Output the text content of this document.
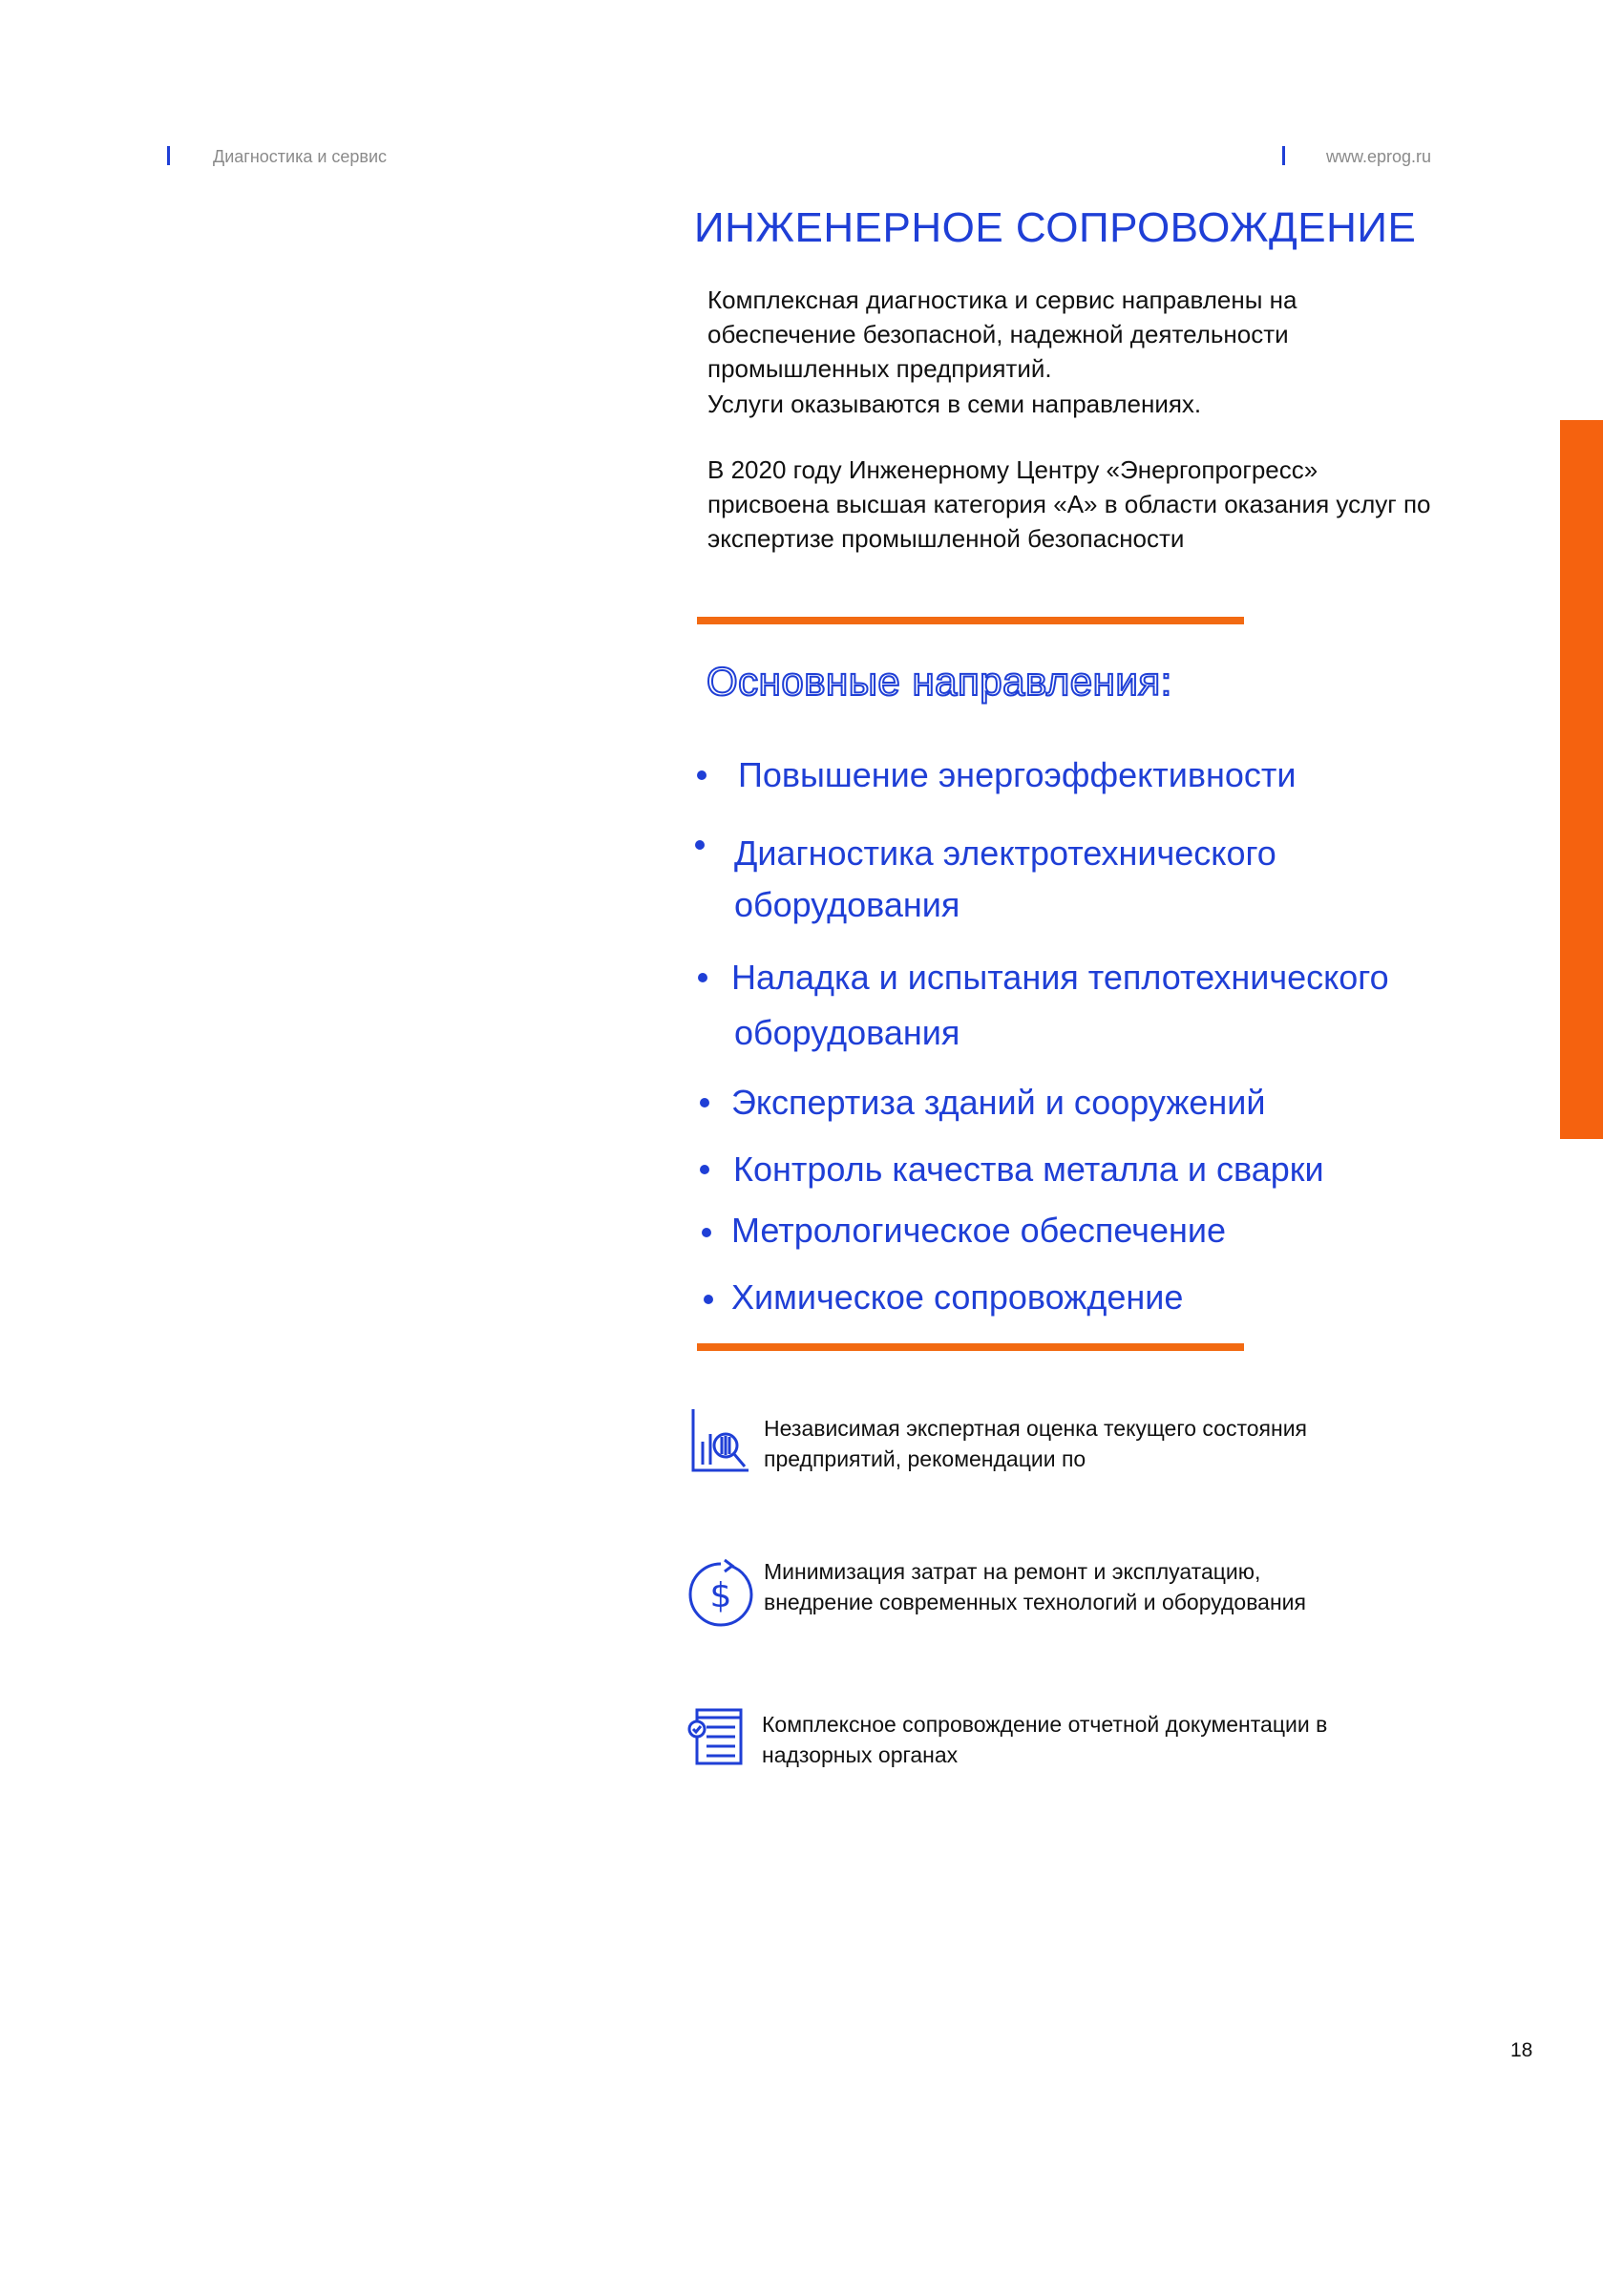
Диагностика и сервис	www.eprog.ru
ИНЖЕНЕРНОЕ СОПРОВОЖДЕНИЕ
Комплексная диагностика и сервис направлены на обеспечение безопасной, надежной деятельности промышленных предприятий.
Услуги оказываются в семи направлениях.
В 2020 году Инженерному Центру «Энергопрогресс» присвоена высшая категория «А» в области оказания услуг по экспертизе промышленной безопасности
Основные направления:
Повышение энергоэффективности
Диагностика электротехнического
оборудования
Наладка и испытания теплотехнического
оборудования
Экспертиза зданий и сооружений
Контроль качества металла и сварки
Метрологическое обеспечение
Химическое сопровождение
Независимая экспертная оценка текущего состояния предприятий, рекомендации по
$
Минимизация затрат на ремонт и эксплуатацию, внедрение современных технологий и оборудования
Комплексное сопровождение отчетной документации в надзорных органах
18
